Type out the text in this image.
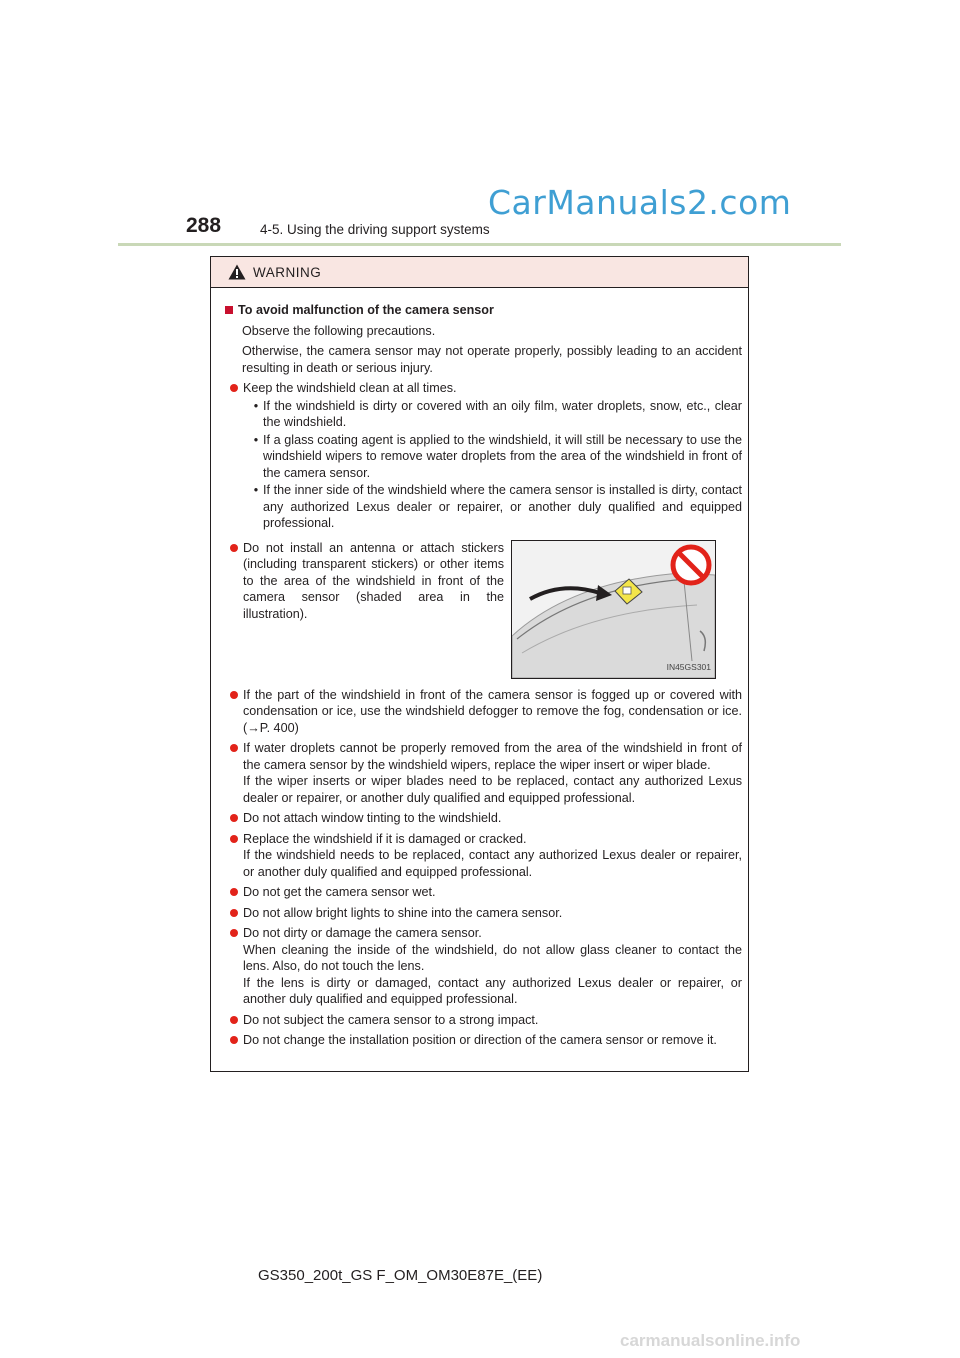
CarManuals2.com
288	4-5. Using the driving support systems
WARNING
To avoid malfunction of the camera sensor
Observe the following precautions.
Otherwise, the camera sensor may not operate properly, possibly leading to an accident resulting in death or serious injury.
Keep the windshield clean at all times.
• If the windshield is dirty or covered with an oily film, water droplets, snow, etc., clear the windshield.
• If a glass coating agent is applied to the windshield, it will still be necessary to use the windshield wipers to remove water droplets from the area of the windshield in front of the camera sensor.
• If the inner side of the windshield where the camera sensor is installed is dirty, contact any authorized Lexus dealer or repairer, or another duly qualified and equipped professional.
Do not install an antenna or attach stickers (including transparent stickers) or other items to the area of the windshield in front of the camera sensor (shaded area in the illustration).
IN45GS301
If the part of the windshield in front of the camera sensor is fogged up or covered with condensation or ice, use the windshield defogger to remove the fog, condensation or ice. (→P. 400)
If water droplets cannot be properly removed from the area of the windshield in front of the camera sensor by the windshield wipers, replace the wiper insert or wiper blade.
If the wiper inserts or wiper blades need to be replaced, contact any authorized Lexus dealer or repairer, or another duly qualified and equipped professional.
Do not attach window tinting to the windshield.
Replace the windshield if it is damaged or cracked.
If the windshield needs to be replaced, contact any authorized Lexus dealer or repairer, or another duly qualified and equipped professional.
Do not get the camera sensor wet.
Do not allow bright lights to shine into the camera sensor.
Do not dirty or damage the camera sensor.
When cleaning the inside of the windshield, do not allow glass cleaner to contact the lens. Also, do not touch the lens.
If the lens is dirty or damaged, contact any authorized Lexus dealer or repairer, or another duly qualified and equipped professional.
Do not subject the camera sensor to a strong impact.
Do not change the installation position or direction of the camera sensor or remove it.
GS350_200t_GS F_OM_OM30E87E_(EE)
carmanualsonline.info
